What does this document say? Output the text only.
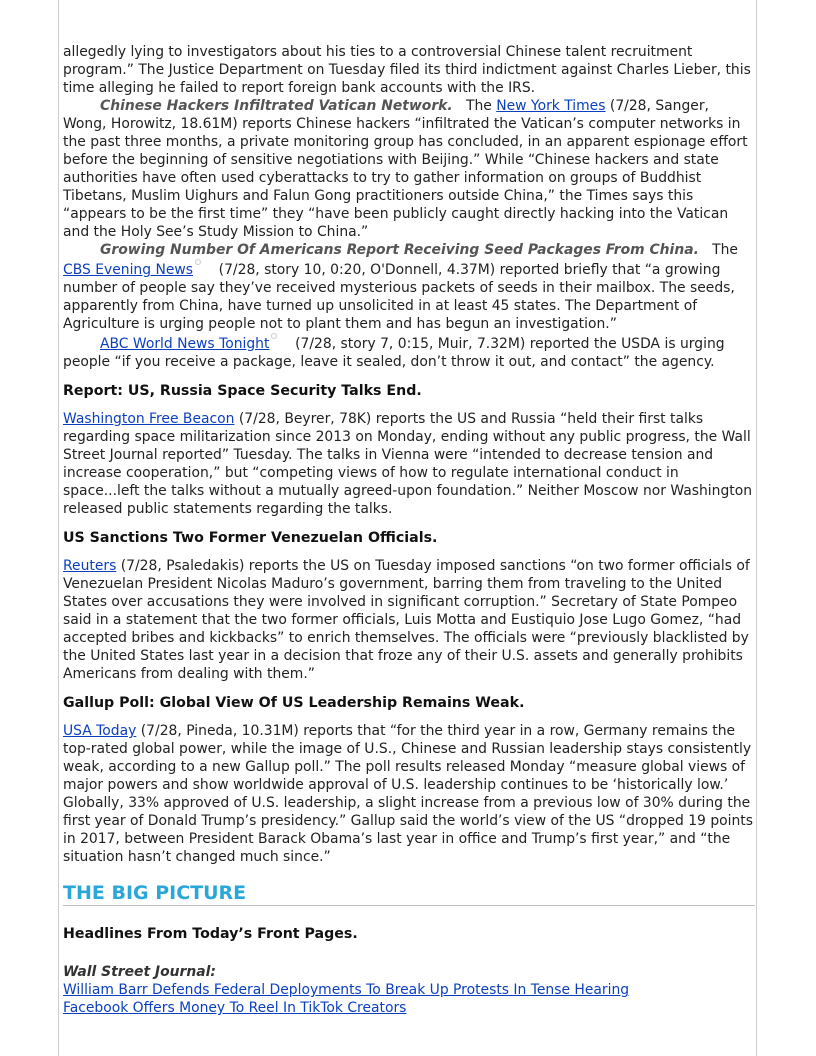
allegedly lying to investigators about his ties to a controversial Chinese talent recruitment program.” The Justice Department on Tuesday filed its third indictment against Charles Lieber, this time alleging he failed to report foreign bank accounts with the IRS.

Chinese Hackers Infiltrated Vatican Network. The New York Times (7/28, Sanger, Wong, Horowitz, 18.61M) reports Chinese hackers “infiltrated the Vatican’s computer networks in the past three months, a private monitoring group has concluded, in an apparent espionage effort before the beginning of sensitive negotiations with Beijing.” While “Chinese hackers and state authorities have often used cyberattacks to try to gather information on groups of Buddhist Tibetans, Muslim Uighurs and Falun Gong practitioners outside China,” the Times says this “appears to be the first time” they “have been publicly caught directly hacking into the Vatican and the Holy See’s Study Mission to China.”

Growing Number Of Americans Report Receiving Seed Packages From China. The CBS Evening News (7/28, story 10, 0:20, O'Donnell, 4.37M) reported briefly that “a growing number of people say they’ve received mysterious packets of seeds in their mailbox. The seeds, apparently from China, have turned up unsolicited in at least 45 states. The Department of Agriculture is urging people not to plant them and has begun an investigation.”

ABC World News Tonight (7/28, story 7, 0:15, Muir, 7.32M) reported the USDA is urging people “if you receive a package, leave it sealed, don’t throw it out, and contact” the agency.

Report: US, Russia Space Security Talks End.

Washington Free Beacon (7/28, Beyrer, 78K) reports the US and Russia “held their first talks regarding space militarization since 2013 on Monday, ending without any public progress, the Wall Street Journal reported” Tuesday. The talks in Vienna were “intended to decrease tension and increase cooperation,” but “competing views of how to regulate international conduct in space...left the talks without a mutually agreed-upon foundation.” Neither Moscow nor Washington released public statements regarding the talks.

US Sanctions Two Former Venezuelan Officials.

Reuters (7/28, Psaledakis) reports the US on Tuesday imposed sanctions “on two former officials of Venezuelan President Nicolas Maduro’s government, barring them from traveling to the United States over accusations they were involved in significant corruption.” Secretary of State Pompeo said in a statement that the two former officials, Luis Motta and Eustiquio Jose Lugo Gomez, “had accepted bribes and kickbacks” to enrich themselves. The officials were “previously blacklisted by the United States last year in a decision that froze any of their U.S. assets and generally prohibits Americans from dealing with them.”

Gallup Poll: Global View Of US Leadership Remains Weak.

USA Today (7/28, Pineda, 10.31M) reports that “for the third year in a row, Germany remains the top-rated global power, while the image of U.S., Chinese and Russian leadership stays consistently weak, according to a new Gallup poll.” The poll results released Monday “measure global views of major powers and show worldwide approval of U.S. leadership continues to be ‘historically low.’ Globally, 33% approved of U.S. leadership, a slight increase from a previous low of 30% during the first year of Donald Trump’s presidency.” Gallup said the world’s view of the US “dropped 19 points in 2017, between President Barack Obama’s last year in office and Trump’s first year,” and “the situation hasn’t changed much since.”

THE BIG PICTURE
Headlines From Today’s Front Pages.

Wall Street Journal:

William Barr Defends Federal Deployments To Break Up Protests In Tense Hearing
Facebook Offers Money To Reel In TikTok Creators
